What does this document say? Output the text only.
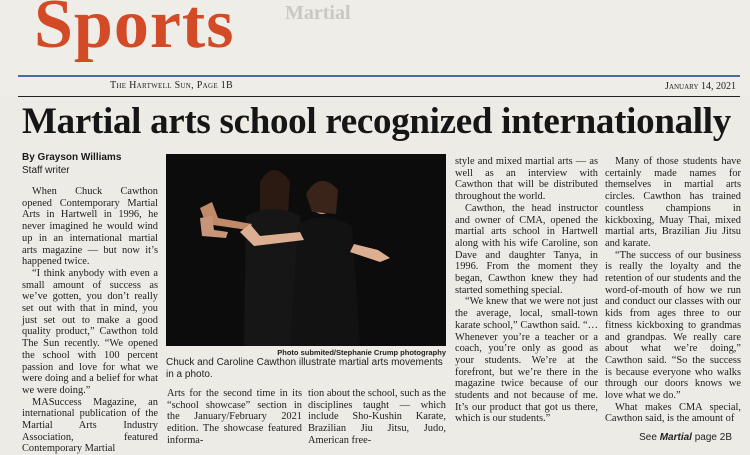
Martial
Sports
The Hartwell Sun, Page 1B	January 14, 2021
Martial arts school recognized internationally
By Grayson Williams
Staff writer

When Chuck Cawthon opened Contemporary Martial Arts in Hartwell in 1996, he never imagined he would wind up in an international martial arts magazine — but now it’s happened twice.

“I think anybody with even a small amount of success as we’ve gotten, you don’t really set out with that in mind, you just set out to make a good quality product,” Cawthon told The Sun recently. “We opened the school with 100 percent passion and love for what we were doing and a belief for what we were doing.”

MASuccess Magazine, an international publication of the Martial Arts Industry Association, featured Contemporary Martial

Photo submited/Stephanie Crump photography
Chuck and Caroline Cawthon illustrate martial arts movements in a photo.

Arts for the second time in its “school showcase” section in the January/February 2021 edition. The showcase featured informa-

tion about the school, such as the disciplines taught — which include Sho-Kushin Karate, Brazilian Jiu Jitsu, Judo, American free-

style and mixed martial arts — as well as an interview with Cawthon that will be distributed throughout the world.

Cawthon, the head instructor and owner of CMA, opened the martial arts school in Hartwell along with his wife Caroline, son Dave and daughter Tanya, in 1996. From the moment they began, Cawthon knew they had started something special.

“We knew that we were not just the average, local, small-town karate school,” Cawthon said. “… Whenever you’re a teacher or a coach, you’re only as good as your students. We’re at the forefront, but we’re there in the magazine twice because of our students and not because of me. It’s our product that got us there, which is our students.”

Many of those students have certainly made names for themselves in martial arts circles. Cawthon has trained countless champions in kickboxing, Muay Thai, mixed martial arts, Brazilian Jiu Jitsu and karate.

“The success of our business is really the loyalty and the retention of our students and the word-of-mouth of how we run and conduct our classes with our kids from ages three to our fitness kickboxing to grandmas and grandpas. We really care about what we’re doing,” Cawthon said. “So the success is because everyone who walks through our doors knows we love what we do.”

What makes CMA special, Cawthon said, is the amount of

See Martial page 2B
